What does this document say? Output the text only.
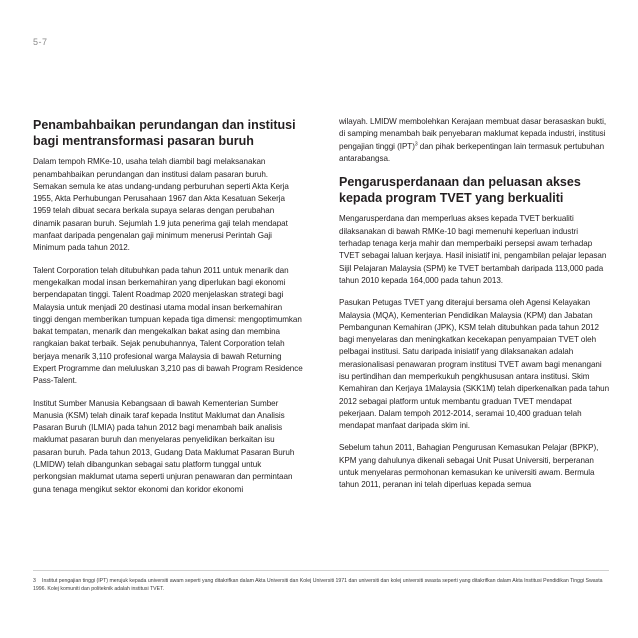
5-7
Penambahbaikan perundangan dan institusi bagi mentransformasi pasaran buruh

Dalam tempoh RMKe-10, usaha telah diambil bagi melaksanakan penambahbaikan perundangan dan institusi dalam pasaran buruh. Semakan semula ke atas undang-undang perburuhan seperti Akta Kerja 1955, Akta Perhubungan Perusahaan 1967 dan Akta Kesatuan Sekerja 1959 telah dibuat secara berkala supaya selaras dengan perubahan dinamik pasaran buruh. Sejumlah 1.9 juta penerima gaji telah mendapat manfaat daripada pengenalan gaji minimum menerusi Perintah Gaji Minimum pada tahun 2012.

Talent Corporation telah ditubuhkan pada tahun 2011 untuk menarik dan mengekalkan modal insan berkemahiran yang diperlukan bagi ekonomi berpendapatan tinggi. Talent Roadmap 2020 menjelaskan strategi bagi Malaysia untuk menjadi 20 destinasi utama modal insan berkemahiran tinggi dengan memberikan tumpuan kepada tiga dimensi: mengoptimumkan bakat tempatan, menarik dan mengekalkan bakat asing dan membina rangkaian bakat terbaik. Sejak penubuhannya, Talent Corporation telah berjaya menarik 3,110 profesional warga Malaysia di bawah Returning Expert Programme dan meluluskan 3,210 pas di bawah Program Residence Pass-Talent.

Institut Sumber Manusia Kebangsaan di bawah Kementerian Sumber Manusia (KSM) telah dinaik taraf kepada Institut Maklumat dan Analisis Pasaran Buruh (ILMIA) pada tahun 2012 bagi menambah baik analisis maklumat pasaran buruh dan menyelaras penyelidikan berkaitan isu pasaran buruh. Pada tahun 2013, Gudang Data Maklumat Pasaran Buruh (LMIDW) telah dibangunkan sebagai satu platform tunggal untuk perkongsian maklumat utama seperti unjuran penawaran dan permintaan guna tenaga mengikut sektor ekonomi dan koridor ekonomi

wilayah. LMIDW membolehkan Kerajaan membuat dasar berasaskan bukti, di samping menambah baik penyebaran maklumat kepada industri, institusi pengajian tinggi (IPT)$^3$ dan pihak berkepentingan lain termasuk pertubuhan antarabangsa.

Pengarusperdanaan dan peluasan akses kepada program TVET yang berkualiti

Mengarusperdana dan memperluas akses kepada TVET berkualiti dilaksanakan di bawah RMKe-10 bagi memenuhi keperluan industri terhadap tenaga kerja mahir dan memperbaiki persepsi awam terhadap TVET sebagai laluan kerjaya. Hasil inisiatif ini, pengambilan pelajar lepasan Sijil Pelajaran Malaysia (SPM) ke TVET bertambah daripada 113,000 pada tahun 2010 kepada 164,000 pada tahun 2013.

Pasukan Petugas TVET yang diterajui bersama oleh Agensi Kelayakan Malaysia (MQA), Kementerian Pendidikan Malaysia (KPM) dan Jabatan Pembangunan Kemahiran (JPK), KSM telah ditubuhkan pada tahun 2012 bagi menyelaras dan meningkatkan kecekapan penyampaian TVET oleh pelbagai institusi. Satu daripada inisiatif yang dilaksanakan adalah merasionalisasi penawaran program institusi TVET awam bagi menangani isu pertindihan dan memperkukuh pengkhususan antara institusi. Skim Kemahiran dan Kerjaya 1Malaysia (SKK1M) telah diperkenalkan pada tahun 2012 sebagai platform untuk membantu graduan TVET mendapat pekerjaan. Dalam tempoh 2012-2014, seramai 10,400 graduan telah mendapat manfaat daripada skim ini.

Sebelum tahun 2011, Bahagian Pengurusan Kemasukan Pelajar (BPKP), KPM yang dahulunya dikenali sebagai Unit Pusat Universiti, berperanan untuk menyelaras permohonan kemasukan ke universiti awam. Bermula tahun 2011, peranan ini telah diperluas kepada semua

3 Institut pengajian tinggi (IPT) merujuk kepada universiti awam seperti yang ditakrifkan dalam Akta Universiti dan Kolej Universiti 1971 dan universiti dan kolej universiti swasta seperti yang ditakrifkan dalam Akta Institusi Pendidikan Tinggi Swasta 1996. Kolej komuniti dan politeknik adalah institusi TVET.
